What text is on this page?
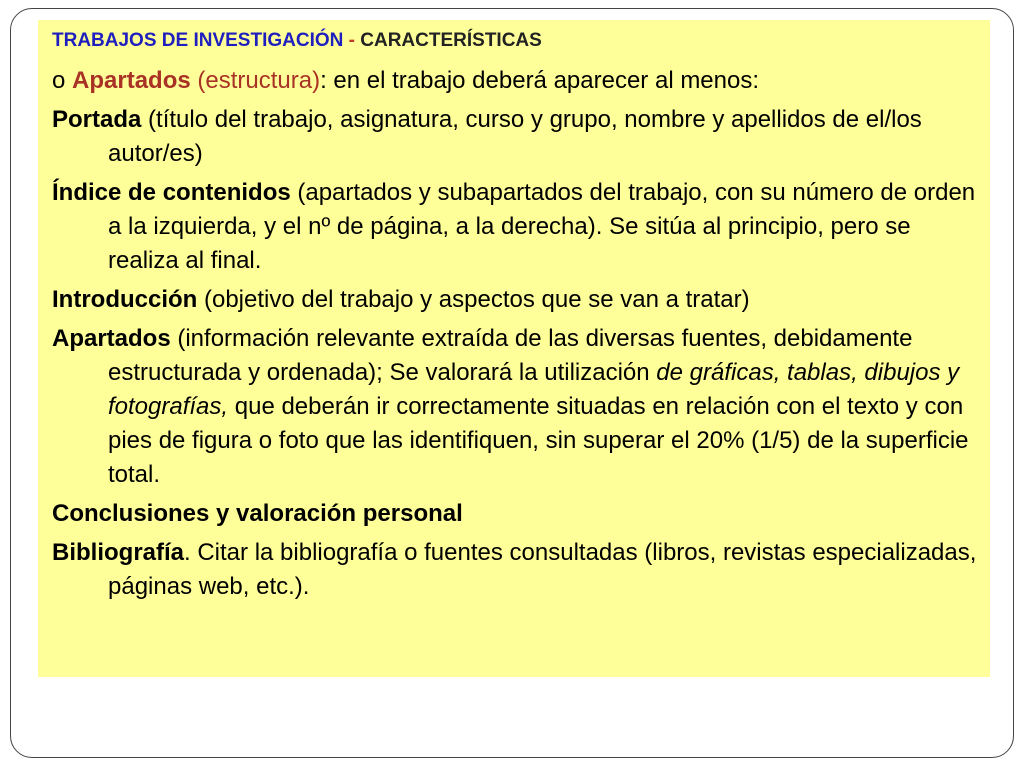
TRABAJOS DE INVESTIGACIÓN - CARACTERÍSTICAS

o Apartados (estructura): en el trabajo deberá aparecer al menos:

Portada (título del trabajo, asignatura, curso y grupo, nombre y apellidos de el/los autor/es)

Índice de contenidos (apartados y subapartados del trabajo, con su número de orden a la izquierda, y el nº de página, a la derecha). Se sitúa al principio, pero se realiza al final.

Introducción (objetivo del trabajo y aspectos que se van a tratar)

Apartados (información relevante extraída de las diversas fuentes, debidamente estructurada y ordenada); Se valorará la utilización de gráficas, tablas, dibujos y fotografías, que deberán ir correctamente situadas en relación con el texto y con pies de figura o foto que las identifiquen, sin superar el 20% (1/5) de la superficie total.

Conclusiones y valoración personal

Bibliografía. Citar la bibliografía o fuentes consultadas (libros, revistas especializadas, páginas web, etc.).
